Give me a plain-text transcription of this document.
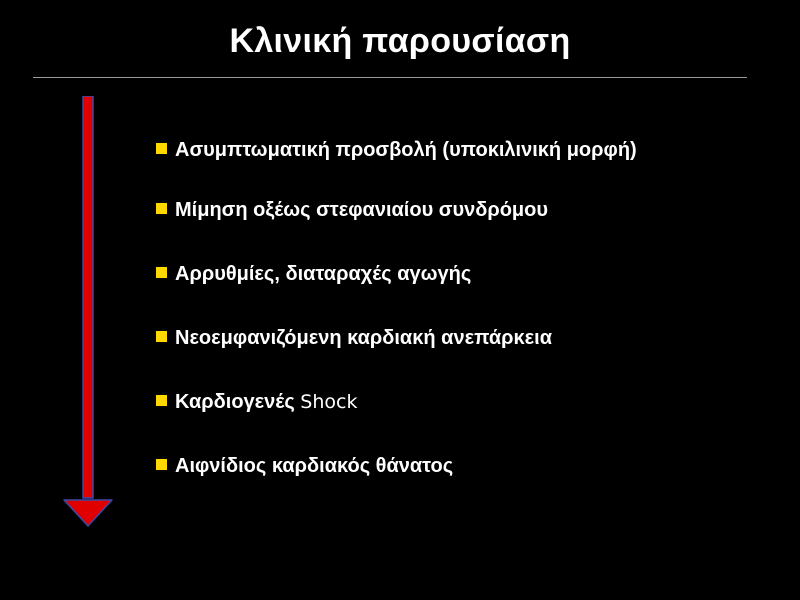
Κλινική παρουσίαση
Ασυμπτωματική προσβολή (υποκιλινική μορφή)
Μίμηση οξέως στεφανιαίου συνδρόμου
Αρρυθμίες, διαταραχές αγωγής
Νεοεμφανιζόμενη καρδιακή ανεπάρκεια
Καρδιογενές Shock
Αιφνίδιος καρδιακός θάνατος
